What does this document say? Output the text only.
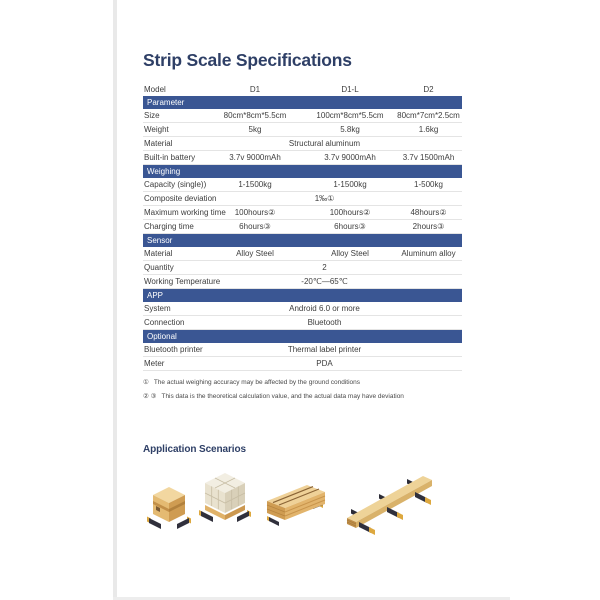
Strip Scale Specifications
Model	D1	D1-L	D2
Parameter
Size	80cm*8cm*5.5cm	100cm*8cm*5.5cm	80cm*7cm*2.5cm
Weight	5kg	5.8kg	1.6kg
Material	Structural aluminum
Built-in battery	3.7v 9000mAh	3.7v 9000mAh	3.7v 1500mAh
Weighing
Capacity (single))	1-1500kg	1-1500kg	1-500kg
Composite deviation	1‰①
Maximum working time	100hours②	100hours②	48hours②
Charging time	6hours③	6hours③	2hours③
Sensor
Material	Alloy Steel	Alloy Steel	Aluminum alloy
Quantity	2
Working Temperature	-20℃—65℃
APP
System	Android 6.0 or more
Connection	Bluetooth
Optional
Bluetooth printer	Thermal label printer
Meter	PDA
① The actual weighing accuracy may be affected by the ground conditions
② ③ This data is the theoretical calculation value, and the actual data may have deviation
Application Scenarios
